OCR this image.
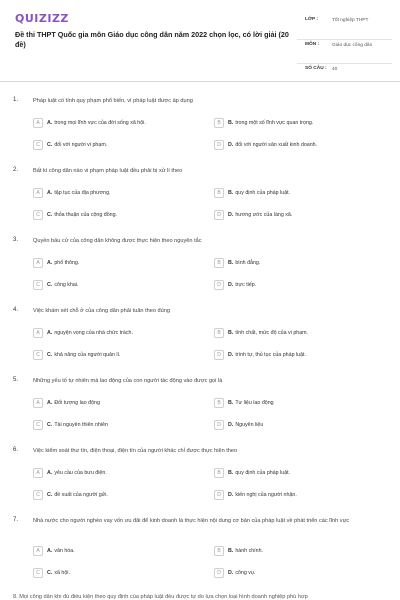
QUIZIZZ
Đề thi THPT Quốc gia môn Giáo dục công dân năm 2022 chọn lọc, có lời giải (20 đề)
LỚP :	Tốt nghiệp THPT
MÔN :	Giáo dục công dân
SỐ CÂU :	40
1.	Pháp luật có tính quy phạm phổ biến, vì pháp luật được áp dụng
A	A. trong mọi lĩnh vực của đời sống xã hội.	B	B. trong một số lĩnh vực quan trọng.
C	C. đối với người vi phạm.	D	D. đối với người sản xuất kinh doanh.
2.	Bất kì công dân nào vi phạm pháp luật đều phải bị xử lí theo
A	A. tập tục của địa phương.	B	B. quy định của pháp luật.
C	C. thỏa thuận của cộng đồng.	D	D. hương ước của làng xã.
3.	Quyền bầu cử của công dân không được thực hiện theo nguyên tắc
A	A. phổ thông.	B	B. bình đẳng.
C	C. công khai.	D	D. trực tiếp.
4.	Việc khám xét chỗ ở của công dân phải tuân theo đúng
A	A. nguyện vọng của nhà chức trách.	B	B. tính chất, mức độ của vi phạm.
C	C. khả năng của người quản lí.	D	D. trình tự, thủ tục của pháp luật.
5.	Những yếu tố tự nhiên mà lao động của con người tác động vào được gọi là
A	A. Đối tượng lao động	B	B. Tư liệu lao động
C	C. Tài nguyên thiên nhiên	D	D. Nguyên liệu
6.	Việc kiểm soát thư tín, điện thoại, điện tín của người khác chỉ được thực hiện theo
A	A. yêu cầu của bưu điện.	B	B. quy định của pháp luật.
C	C. đề xuất của người gửi.	D	D. kiến nghị của người nhận.
7.	Nhà nước cho người nghèo vay vốn ưu đãi để kinh doanh là thực hiện nội dung cơ bản của pháp luật về phát triển các lĩnh vực
A	A. văn hóa.	B	B. hành chính.
C	C. xã hội.	D	D. công vụ.
8. Mọi công dân khi đủ điều kiện theo quy định của pháp luật đều được tự do lựa chọn loại hình doanh nghiệp phù hợp
